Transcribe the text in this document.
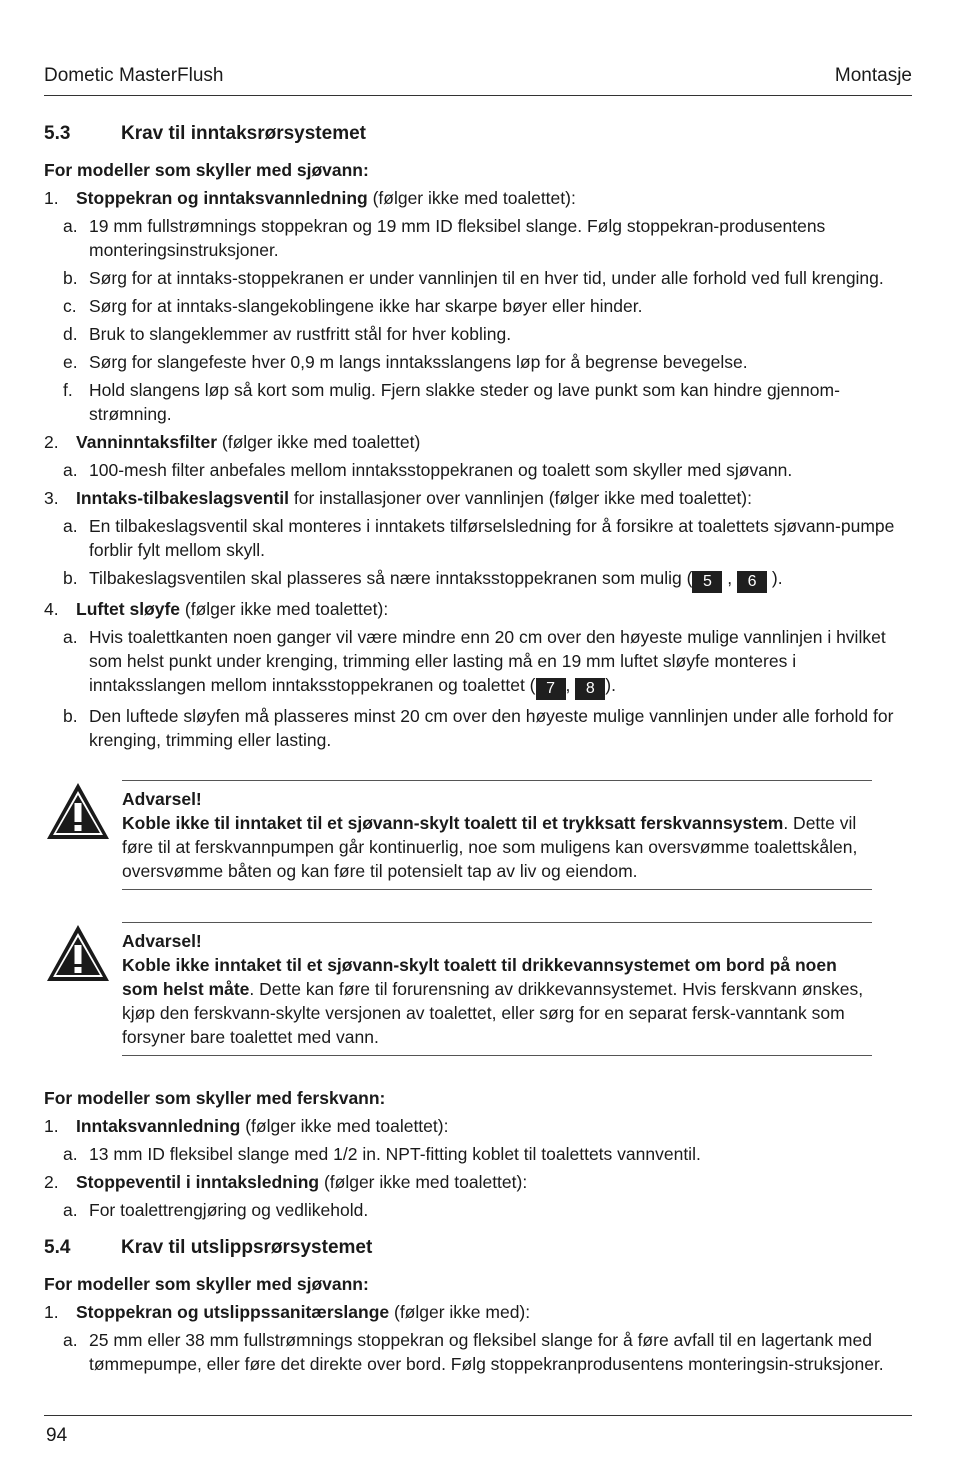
Dometic MasterFlush	Montasje
5.3	Krav til inntaksrørsystemet
For modeller som skyller med sjøvann:
1. Stoppekran og inntaksvannledning (følger ikke med toalettet):
a. 19 mm fullstrømnings stoppekran og 19 mm ID fleksibel slange. Følg stoppekran-produsentens monteringsinstruksjoner.
b. Sørg for at inntaks-stoppekranen er under vannlinjen til en hver tid, under alle forhold ved full krenging.
c. Sørg for at inntaks-slangekoblingene ikke har skarpe bøyer eller hinder.
d. Bruk to slangeklemmer av rustfritt stål for hver kobling.
e. Sørg for slangefeste hver 0,9 m langs inntaksslangens løp for å begrense bevegelse.
f. Hold slangens løp så kort som mulig. Fjern slakke steder og lave punkt som kan hindre gjennom-strømning.
2. Vanninntaksfilter (følger ikke med toalettet)
a. 100-mesh filter anbefales mellom inntaksstoppekranen og toalett som skyller med sjøvann.
3. Inntaks-tilbakeslagsventil for installasjoner over vannlinjen (følger ikke med toalettet):
a. En tilbakeslagsventil skal monteres i inntakets tilførselsledning for å forsikre at toalettets sjøvann-pumpe forblir fylt mellom skyll.
b. Tilbakeslagsventilen skal plasseres så nære inntaksstoppekranen som mulig ( 5 , 6 ).
4. Luftet sløyfe (følger ikke med toalettet):
a. Hvis toalettkanten noen ganger vil være mindre enn 20 cm over den høyeste mulige vannlinjen i hvilket som helst punkt under krenging, trimming eller lasting må en 19 mm luftet sløyfe monteres i inntaksslangen mellom inntaksstoppekranen og toalettet ( 7 , 8 ).
b. Den luftede sløyfen må plasseres minst 20 cm over den høyeste mulige vannlinjen under alle forhold for krenging, trimming eller lasting.
Advarsel!
Koble ikke til inntaket til et sjøvann-skylt toalett til et trykksatt ferskvannsystem. Dette vil føre til at ferskvannpumpen går kontinuerlig, noe som muligens kan oversvømme toalettskålen, oversvømme båten og kan føre til potensielt tap av liv og eiendom.
Advarsel!
Koble ikke inntaket til et sjøvann-skylt toalett til drikkevannsystemet om bord på noen som helst måte. Dette kan føre til forurensning av drikkevannsystemet. Hvis ferskvann ønskes, kjøp den ferskvann-skylte versjonen av toalettet, eller sørg for en separat fersk-vanntank som forsyner bare toalettet med vann.
For modeller som skyller med ferskvann:
1. Inntaksvannledning (følger ikke med toalettet):
a. 13 mm ID fleksibel slange med 1/2 in. NPT-fitting koblet til toalettets vannventil.
2. Stoppeventil i inntaksledning (følger ikke med toalettet):
a. For toalettrengjøring og vedlikehold.
5.4	Krav til utslippsrørsystemet
For modeller som skyller med sjøvann:
1. Stoppekran og utslippssanitærslange (følger ikke med):
a. 25 mm eller 38 mm fullstrømnings stoppekran og fleksibel slange for å føre avfall til en lagertank med tømmepumpe, eller føre det direkte over bord. Følg stoppekranprodusentens monteringsin-struksjoner.
94
